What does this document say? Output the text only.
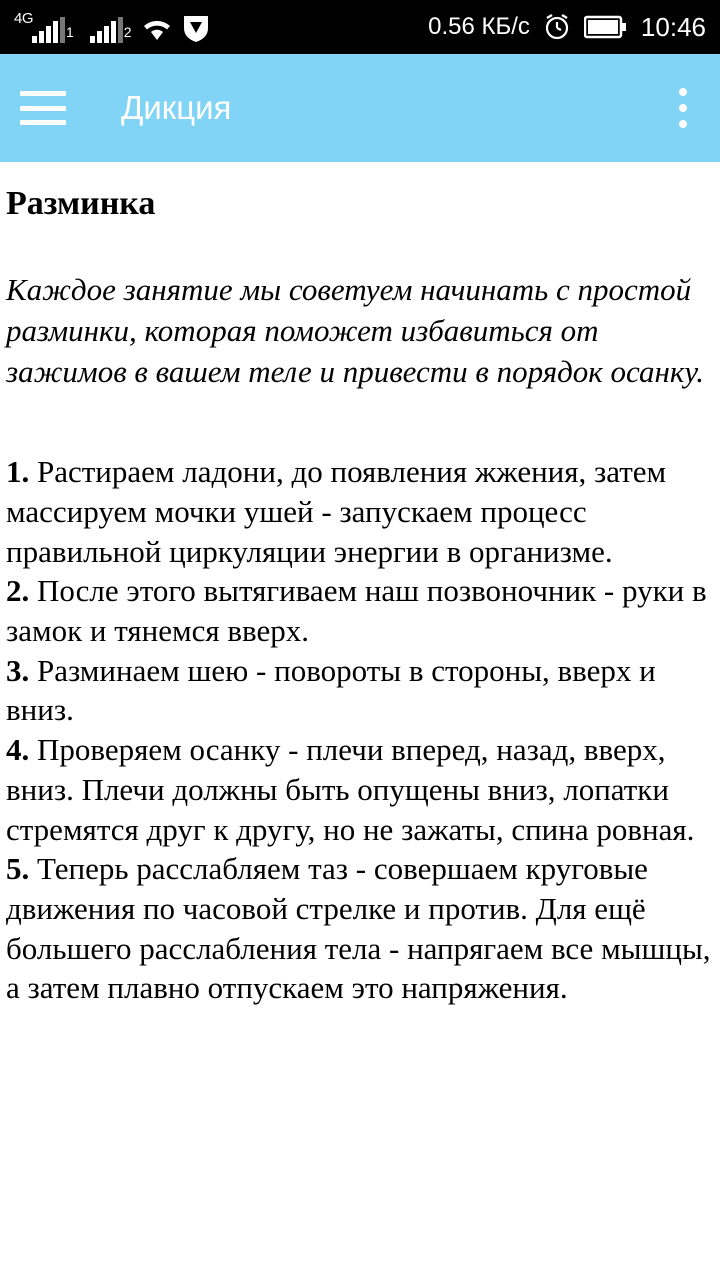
4G
1	2	0.56 КБ/с	10:46
Дикция
Разминка

Каждое занятие мы советуем начинать с простой разминки, которая поможет избавиться от зажимов в вашем теле и привести в порядок осанку.

1. Растираем ладони, до появления жжения, затем массируем мочки ушей - запускаем процесс правильной циркуляции энергии в организме.

2. После этого вытягиваем наш позвоночник - руки в замок и тянемся вверх.

3. Разминаем шею - повороты в стороны, вверх и вниз.

4. Проверяем осанку - плечи вперед, назад, вверх, вниз. Плечи должны быть опущены вниз, лопатки стремятся друг к другу, но не зажаты, спина ровная.

5. Теперь расслабляем таз - совершаем круговые движения по часовой стрелке и против. Для ещё большего расслабления тела - напрягаем все мышцы, а затем плавно отпускаем это напряжения.
